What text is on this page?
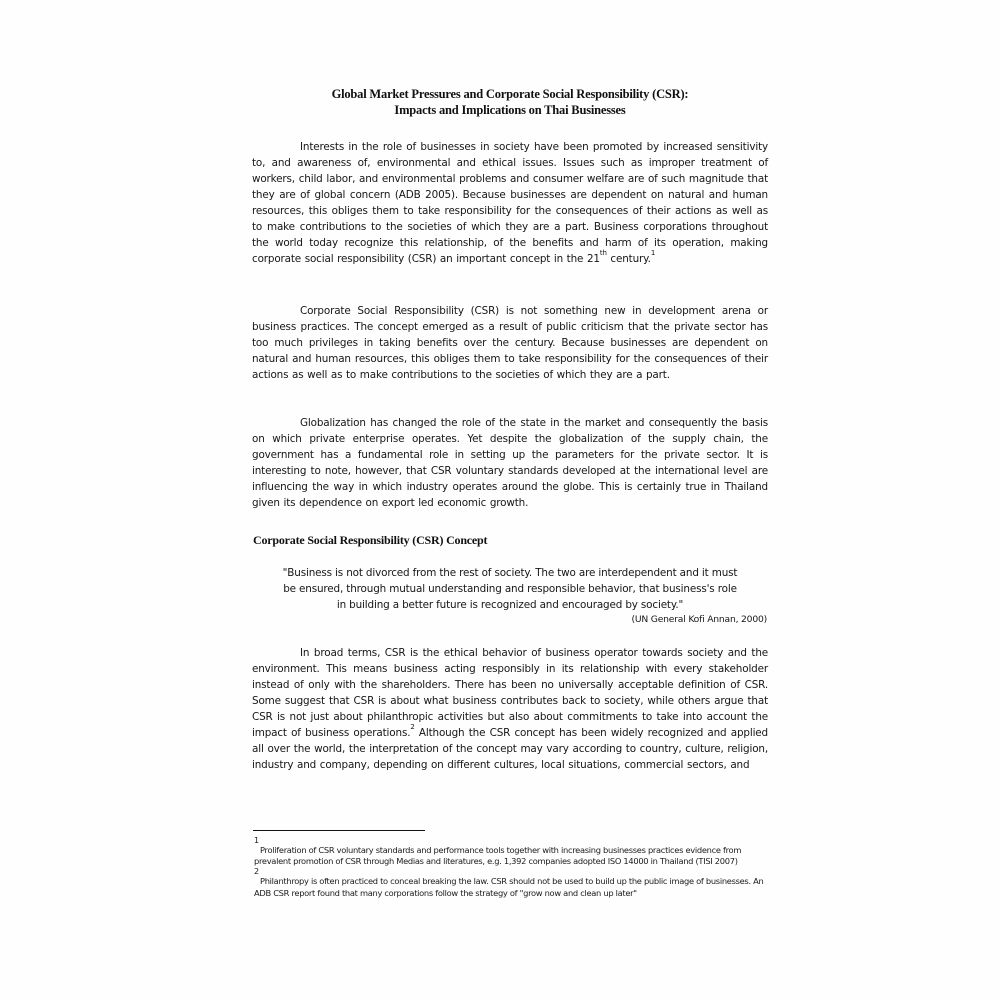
Global Market Pressures and Corporate Social Responsibility (CSR):
Impacts and Implications on Thai Businesses
Interests in the role of businesses in society have been promoted by increased sensitivity to, and awareness of, environmental and ethical issues. Issues such as improper treatment of workers, child labor, and environmental problems and consumer welfare are of such magnitude that they are of global concern (ADB 2005). Because businesses are dependent on natural and human resources, this obliges them to take responsibility for the consequences of their actions as well as to make contributions to the societies of which they are a part. Business corporations throughout the world today recognize this relationship, of the benefits and harm of its operation, making corporate social responsibility (CSR) an important concept in the 21th century.$^1$
Corporate Social Responsibility (CSR) is not something new in development arena or business practices. The concept emerged as a result of public criticism that the private sector has too much privileges in taking benefits over the century. Because businesses are dependent on natural and human resources, this obliges them to take responsibility for the consequences of their actions as well as to make contributions to the societies of which they are a part.
Globalization has changed the role of the state in the market and consequently the basis on which private enterprise operates. Yet despite the globalization of the supply chain, the government has a fundamental role in setting up the parameters for the private sector. It is interesting to note, however, that CSR voluntary standards developed at the international level are influencing the way in which industry operates around the globe. This is certainly true in Thailand given its dependence on export led economic growth.
Corporate Social Responsibility (CSR) Concept
"Business is not divorced from the rest of society. The two are interdependent and it must
be ensured, through mutual understanding and responsible behavior, that business's role
in building a better future is recognized and encouraged by society."
(UN General Kofi Annan, 2000)
In broad terms, CSR is the ethical behavior of business operator towards society and the environment. This means business acting responsibly in its relationship with every stakeholder instead of only with the shareholders. There has been no universally acceptable definition of CSR. Some suggest that CSR is about what business contributes back to society, while others argue that CSR is not just about philanthropic activities but also about commitments to take into account the impact of business operations.$^2$ Although the CSR concept has been widely recognized and applied all over the world, the interpretation of the concept may vary according to country, culture, religion, industry and company, depending on different cultures, local situations, commercial sectors, and
1
Proliferation of CSR voluntary standards and performance tools together with increasing businesses practices evidence from prevalent promotion of CSR through Medias and literatures, e.g. 1,392 companies adopted ISO 14000 in Thailand (TISI 2007)
2
Philanthropy is often practiced to conceal breaking the law. CSR should not be used to build up the public image of businesses. An ADB CSR report found that many corporations follow the strategy of "grow now and clean up later"
